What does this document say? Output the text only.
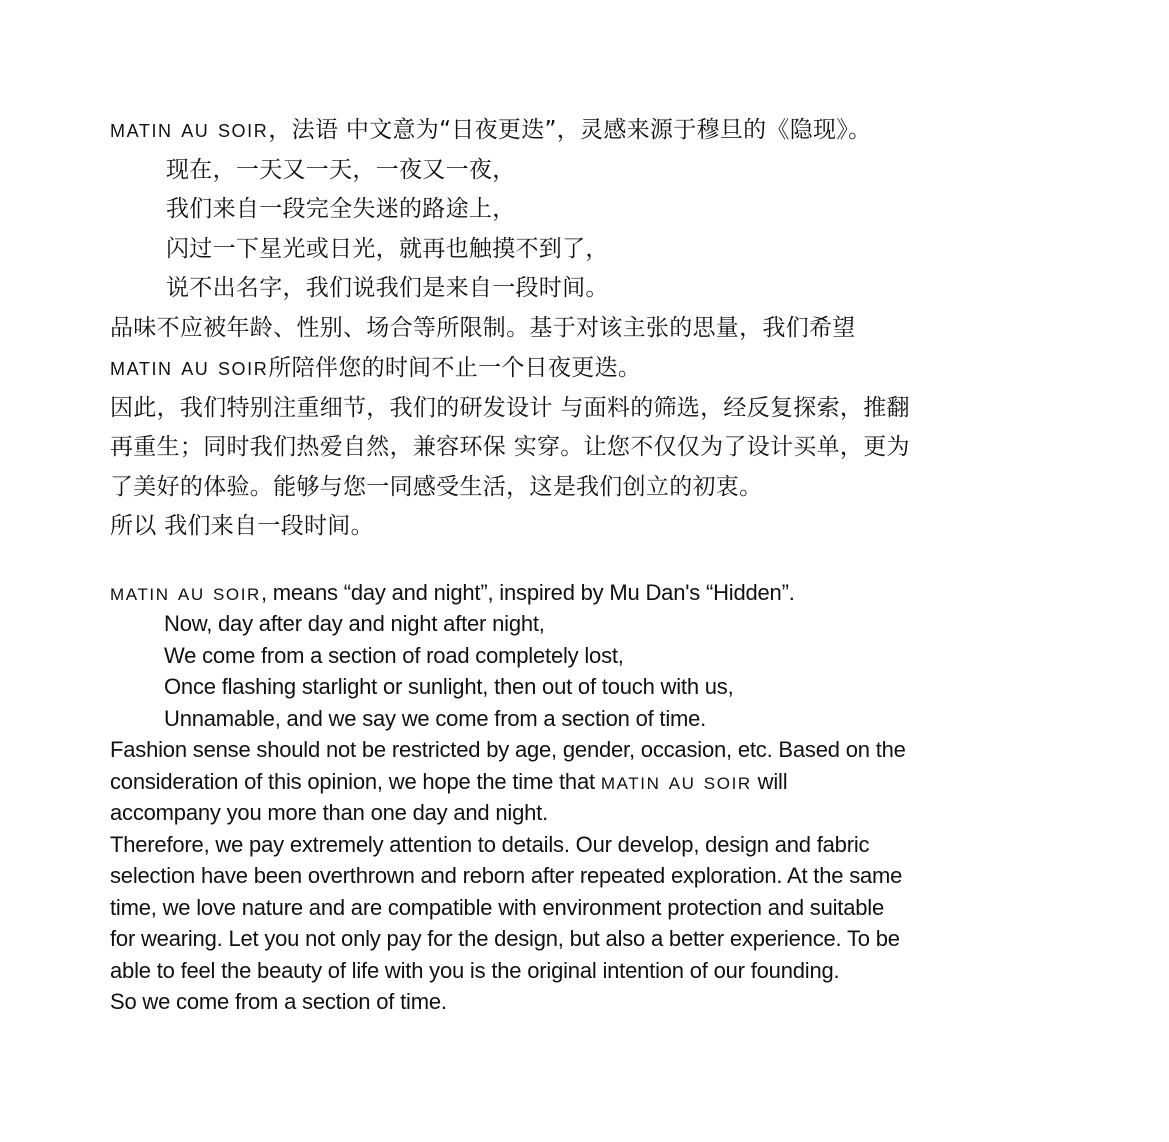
matin au soir，法语 中文意为“日夜更迭”，灵感来源于穆旦的《隐现》。

现在，一天又一天，一夜又一夜，

我们来自一段完全失迷的路途上，

闪过一下星光或日光，就再也触摸不到了，

说不出名字，我们说我们是来自一段时间。

品味不应被年龄、性别、场合等所限制。基于对该主张的思量，我们希望

matin au soir所陪伴您的时间不止一个日夜更迭。

因此，我们特别注重细节，我们的研发设计 与面料的筛选，经反复探索，推翻

再重生；同时我们热爱自然，兼容环保 实穿。让您不仅仅为了设计买单，更为

了美好的体验。能够与您一同感受生活，这是我们创立的初衷。

所以 我们来自一段时间。

matin au soir, means “day and night”, inspired by Mu Dan's “Hidden”.

Now, day after day and night after night,

We come from a section of road completely lost,

Once flashing starlight or sunlight, then out of touch with us,

Unnamable, and we say we come from a section of time.

Fashion sense should not be restricted by age, gender, occasion, etc. Based on the

consideration of this opinion, we hope the time that matin au soir will

accompany you more than one day and night.

Therefore, we pay extremely attention to details. Our develop, design and fabric

selection have been overthrown and reborn after repeated exploration. At the same

time, we love nature and are compatible with environment protection and suitable

for wearing. Let you not only pay for the design, but also a better experience. To be

able to feel the beauty of life with you is the original intention of our founding.

So we come from a section of time.
